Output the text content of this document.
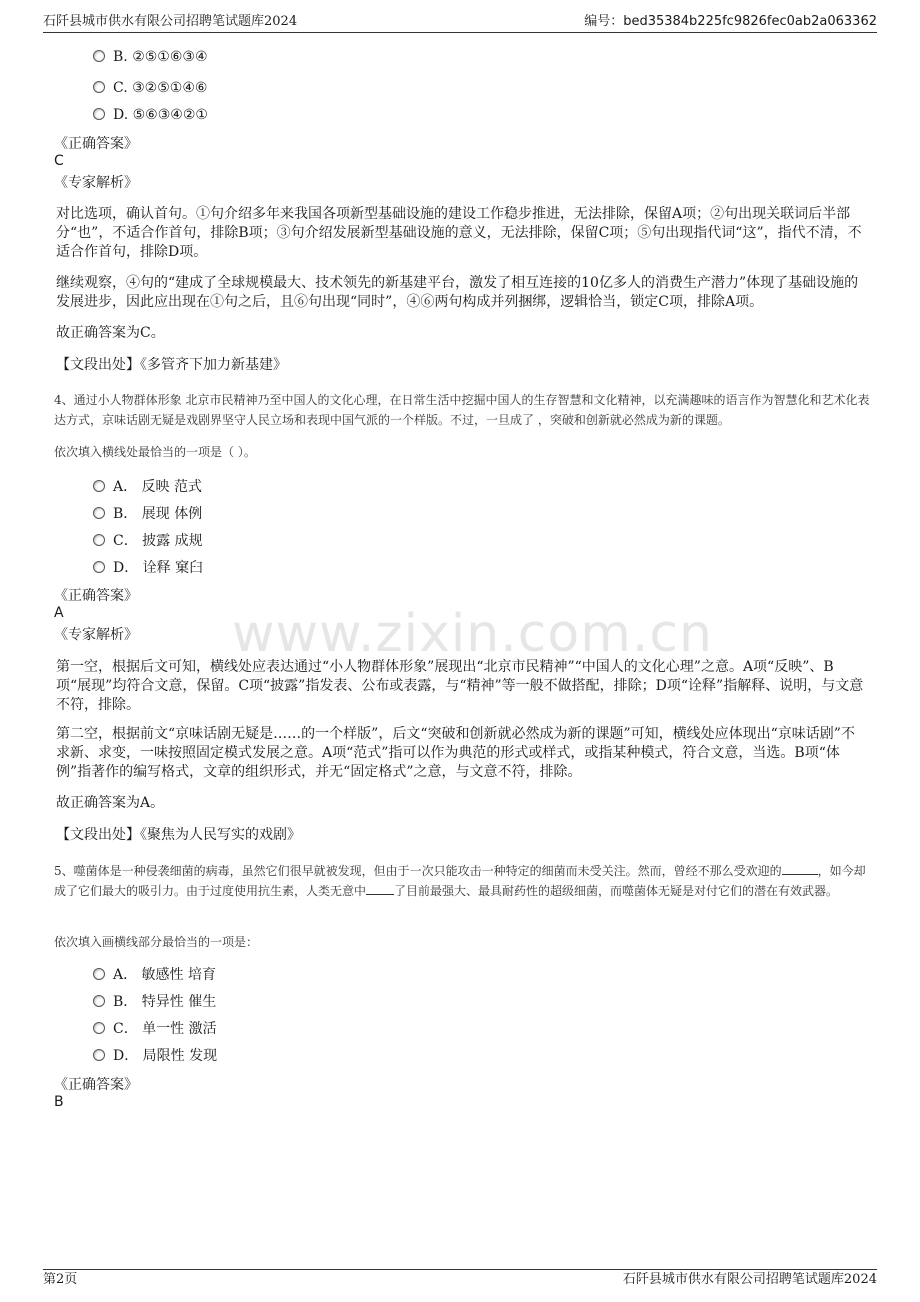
石阡县城市供水有限公司招聘笔试题库2024	编号：bed35384b225fc9826fec0ab2a063362
www.zixin.com.cn
B. ②⑤①⑥③④
C. ③②⑤①④⑥
D. ⑤⑥③④②①
《正确答案》
C
《专家解析》
对比选项，确认首句。①句介绍多年来我国各项新型基础设施的建设工作稳步推进，无法排除，保留A项；②句出现关联词后半部分“也”，不适合作首句，排除B项；③句介绍发展新型基础设施的意义，无法排除，保留C项；⑤句出现指代词“这”，指代不清，不适合作首句，排除D项。
继续观察，④句的“建成了全球规模最大、技术领先的新基建平台，激发了相互连接的10亿多人的消费生产潜力”体现了基础设施的发展进步，因此应出现在①句之后，且⑥句出现“同时”，④⑥两句构成并列捆绑，逻辑恰当，锁定C项，排除A项。
故正确答案为C。
【文段出处】《多管齐下加力新基建》
4、通过小人物群体形象 北京市民精神乃至中国人的文化心理，在日常生活中挖掘中国人的生存智慧和文化精神，以充满趣味的语言作为智慧化和艺术化表达方式，京味话剧无疑是戏剧界坚守人民立场和表现中国气派的一个样版。不过，一旦成了 ，突破和创新就必然成为新的课题。
依次填入横线处最恰当的一项是（ ）。
A． 反映 范式
B． 展现 体例
C． 披露 成规
D． 诠释 窠臼
《正确答案》
A
《专家解析》
第一空，根据后文可知，横线处应表达通过“小人物群体形象”展现出“北京市民精神”“中国人的文化心理”之意。A项“反映”、B项“展现”均符合文意，保留。C项“披露”指发表、公布或表露，与“精神”等一般不做搭配，排除；D项“诠释”指解释、说明，与文意不符，排除。
第二空，根据前文“京味话剧无疑是……的一个样版”，后文“突破和创新就必然成为新的课题”可知，横线处应体现出“京味话剧”不求新、求变，一味按照固定模式发展之意。A项“范式”指可以作为典范的形式或样式，或指某种模式，符合文意，当选。B项“体例”指著作的编写格式，文章的组织形式，并无“固定格式”之意，与文意不符，排除。
故正确答案为A。
【文段出处】《聚焦为人民写实的戏剧》
5、噬菌体是一种侵袭细菌的病毒，虽然它们很早就被发现，但由于一次只能攻击一种特定的细菌而未受关注。然而，曾经不那么受欢迎的	，如今却成了它们最大的吸引力。由于过度使用抗生素，人类无意中 了目前最强大、最具耐药性的超级细菌，而噬菌体无疑是对付它们的潜在有效武器。
依次填入画横线部分最恰当的一项是：
A． 敏感性 培育
B． 特异性 催生
C． 单一性 激活
D． 局限性 发现
《正确答案》
B
第2页	石阡县城市供水有限公司招聘笔试题库2024
